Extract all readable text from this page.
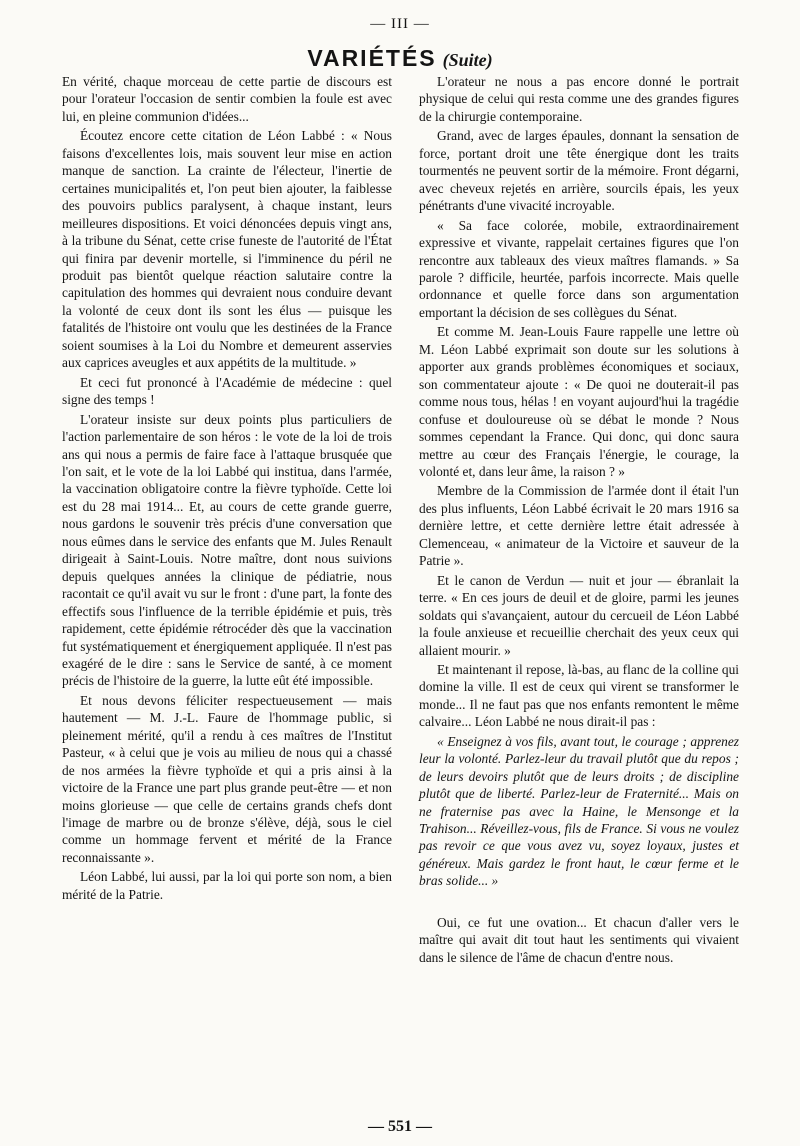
— III —
VARIÉTÉS (Suite)

En vérité, chaque morceau de cette partie de discours est pour l'orateur l'occasion de sentir combien la foule est avec lui, en pleine communion d'idées...

Écoutez encore cette citation de Léon Labbé : « Nous faisons d'excellentes lois, mais souvent leur mise en action manque de sanction. La crainte de l'électeur, l'inertie de certaines municipalités et, l'on peut bien ajouter, la faiblesse des pouvoirs publics paralysent, à chaque instant, leurs meilleures dispositions. Et voici dénoncées depuis vingt ans, à la tribune du Sénat, cette crise funeste de l'autorité de l'État qui finira par devenir mortelle, si l'imminence du péril ne produit pas bientôt quelque réaction salutaire contre la capitulation des hommes qui devraient nous conduire devant la volonté de ceux dont ils sont les élus — puisque les fatalités de l'histoire ont voulu que les destinées de la France soient soumises à la Loi du Nombre et demeurent asservies aux caprices aveugles et aux appétits de la multitude. »

Et ceci fut prononcé à l'Académie de médecine : quel signe des temps !

L'orateur insiste sur deux points plus particuliers de l'action parlementaire de son héros : le vote de la loi de trois ans qui nous a permis de faire face à l'attaque brusquée que l'on sait, et le vote de la loi Labbé qui institua, dans l'armée, la vaccination obligatoire contre la fièvre typhoïde. Cette loi est du 28 mai 1914... Et, au cours de cette grande guerre, nous gardons le souvenir très précis d'une conversation que nous eûmes dans le service des enfants que M. Jules Renault dirigeait à Saint-Louis. Notre maître, dont nous suivions depuis quelques années la clinique de pédiatrie, nous racontait ce qu'il avait vu sur le front : d'une part, la fonte des effectifs sous l'influence de la terrible épidémie et puis, très rapidement, cette épidémie rétrocéder dès que la vaccination fut systématiquement et énergiquement appliquée. Il n'est pas exagéré de le dire : sans le Service de santé, à ce moment précis de l'histoire de la guerre, la lutte eût été impossible.

Et nous devons féliciter respectueusement — mais hautement — M. J.-L. Faure de l'hommage public, si pleinement mérité, qu'il a rendu à ces maîtres de l'Institut Pasteur, « à celui que je vois au milieu de nous qui a chassé de nos armées la fièvre typhoïde et qui a pris ainsi à la victoire de la France une part plus grande peut-être — et non moins glorieuse — que celle de certains grands chefs dont l'image de marbre ou de bronze s'élève, déjà, sous le ciel comme un hommage fervent et mérité de la France reconnaissante ».

Léon Labbé, lui aussi, par la loi qui porte son nom, a bien mérité de la Patrie.

L'orateur ne nous a pas encore donné le portrait physique de celui qui resta comme une des grandes figures de la chirurgie contemporaine.

Grand, avec de larges épaules, donnant la sensation de force, portant droit une tête énergique dont les traits tourmentés ne peuvent sortir de la mémoire. Front dégarni, avec cheveux rejetés en arrière, sourcils épais, les yeux pénétrants d'une vivacité incroyable.

« Sa face colorée, mobile, extraordinairement expressive et vivante, rappelait certaines figures que l'on rencontre aux tableaux des vieux maîtres flamands. » Sa parole ? difficile, heurtée, parfois incorrecte. Mais quelle ordonnance et quelle force dans son argumentation emportant la décision de ses collègues du Sénat.

Et comme M. Jean-Louis Faure rappelle une lettre où M. Léon Labbé exprimait son doute sur les solutions à apporter aux grands problèmes économiques et sociaux, son commentateur ajoute : « De quoi ne douterait-il pas comme nous tous, hélas ! en voyant aujourd'hui la tragédie confuse et douloureuse où se débat le monde ? Nous sommes cependant la France. Qui donc, qui donc saura mettre au cœur des Français l'énergie, le courage, la volonté et, dans leur âme, la raison ? »

Membre de la Commission de l'armée dont il était l'un des plus influents, Léon Labbé écrivait le 20 mars 1916 sa dernière lettre, et cette dernière lettre était adressée à Clemenceau, « animateur de la Victoire et sauveur de la Patrie ».

Et le canon de Verdun — nuit et jour — ébranlait la terre. « En ces jours de deuil et de gloire, parmi les jeunes soldats qui s'avançaient, autour du cercueil de Léon Labbé la foule anxieuse et recueillie cherchait des yeux ceux qui allaient mourir. »

Et maintenant il repose, là-bas, au flanc de la colline qui domine la ville. Il est de ceux qui virent se transformer le monde... Il ne faut pas que nos enfants remontent le même calvaire... Léon Labbé ne nous dirait-il pas :

« Enseignez à vos fils, avant tout, le courage ; apprenez leur la volonté. Parlez-leur du travail plutôt que du repos ; de leurs devoirs plutôt que de leurs droits ; de discipline plutôt que de liberté. Parlez-leur de Fraternité... Mais on ne fraternise pas avec la Haine, le Mensonge et la Trahison... Réveillez-vous, fils de France. Si vous ne voulez pas revoir ce que vous avez vu, soyez loyaux, justes et généreux. Mais gardez le front haut, le cœur ferme et le bras solide... »

Oui, ce fut une ovation... Et chacun d'aller vers le maître qui avait dit tout haut les sentiments qui vivaient dans le silence de l'âme de chacun d'entre nous.

— 551 —
